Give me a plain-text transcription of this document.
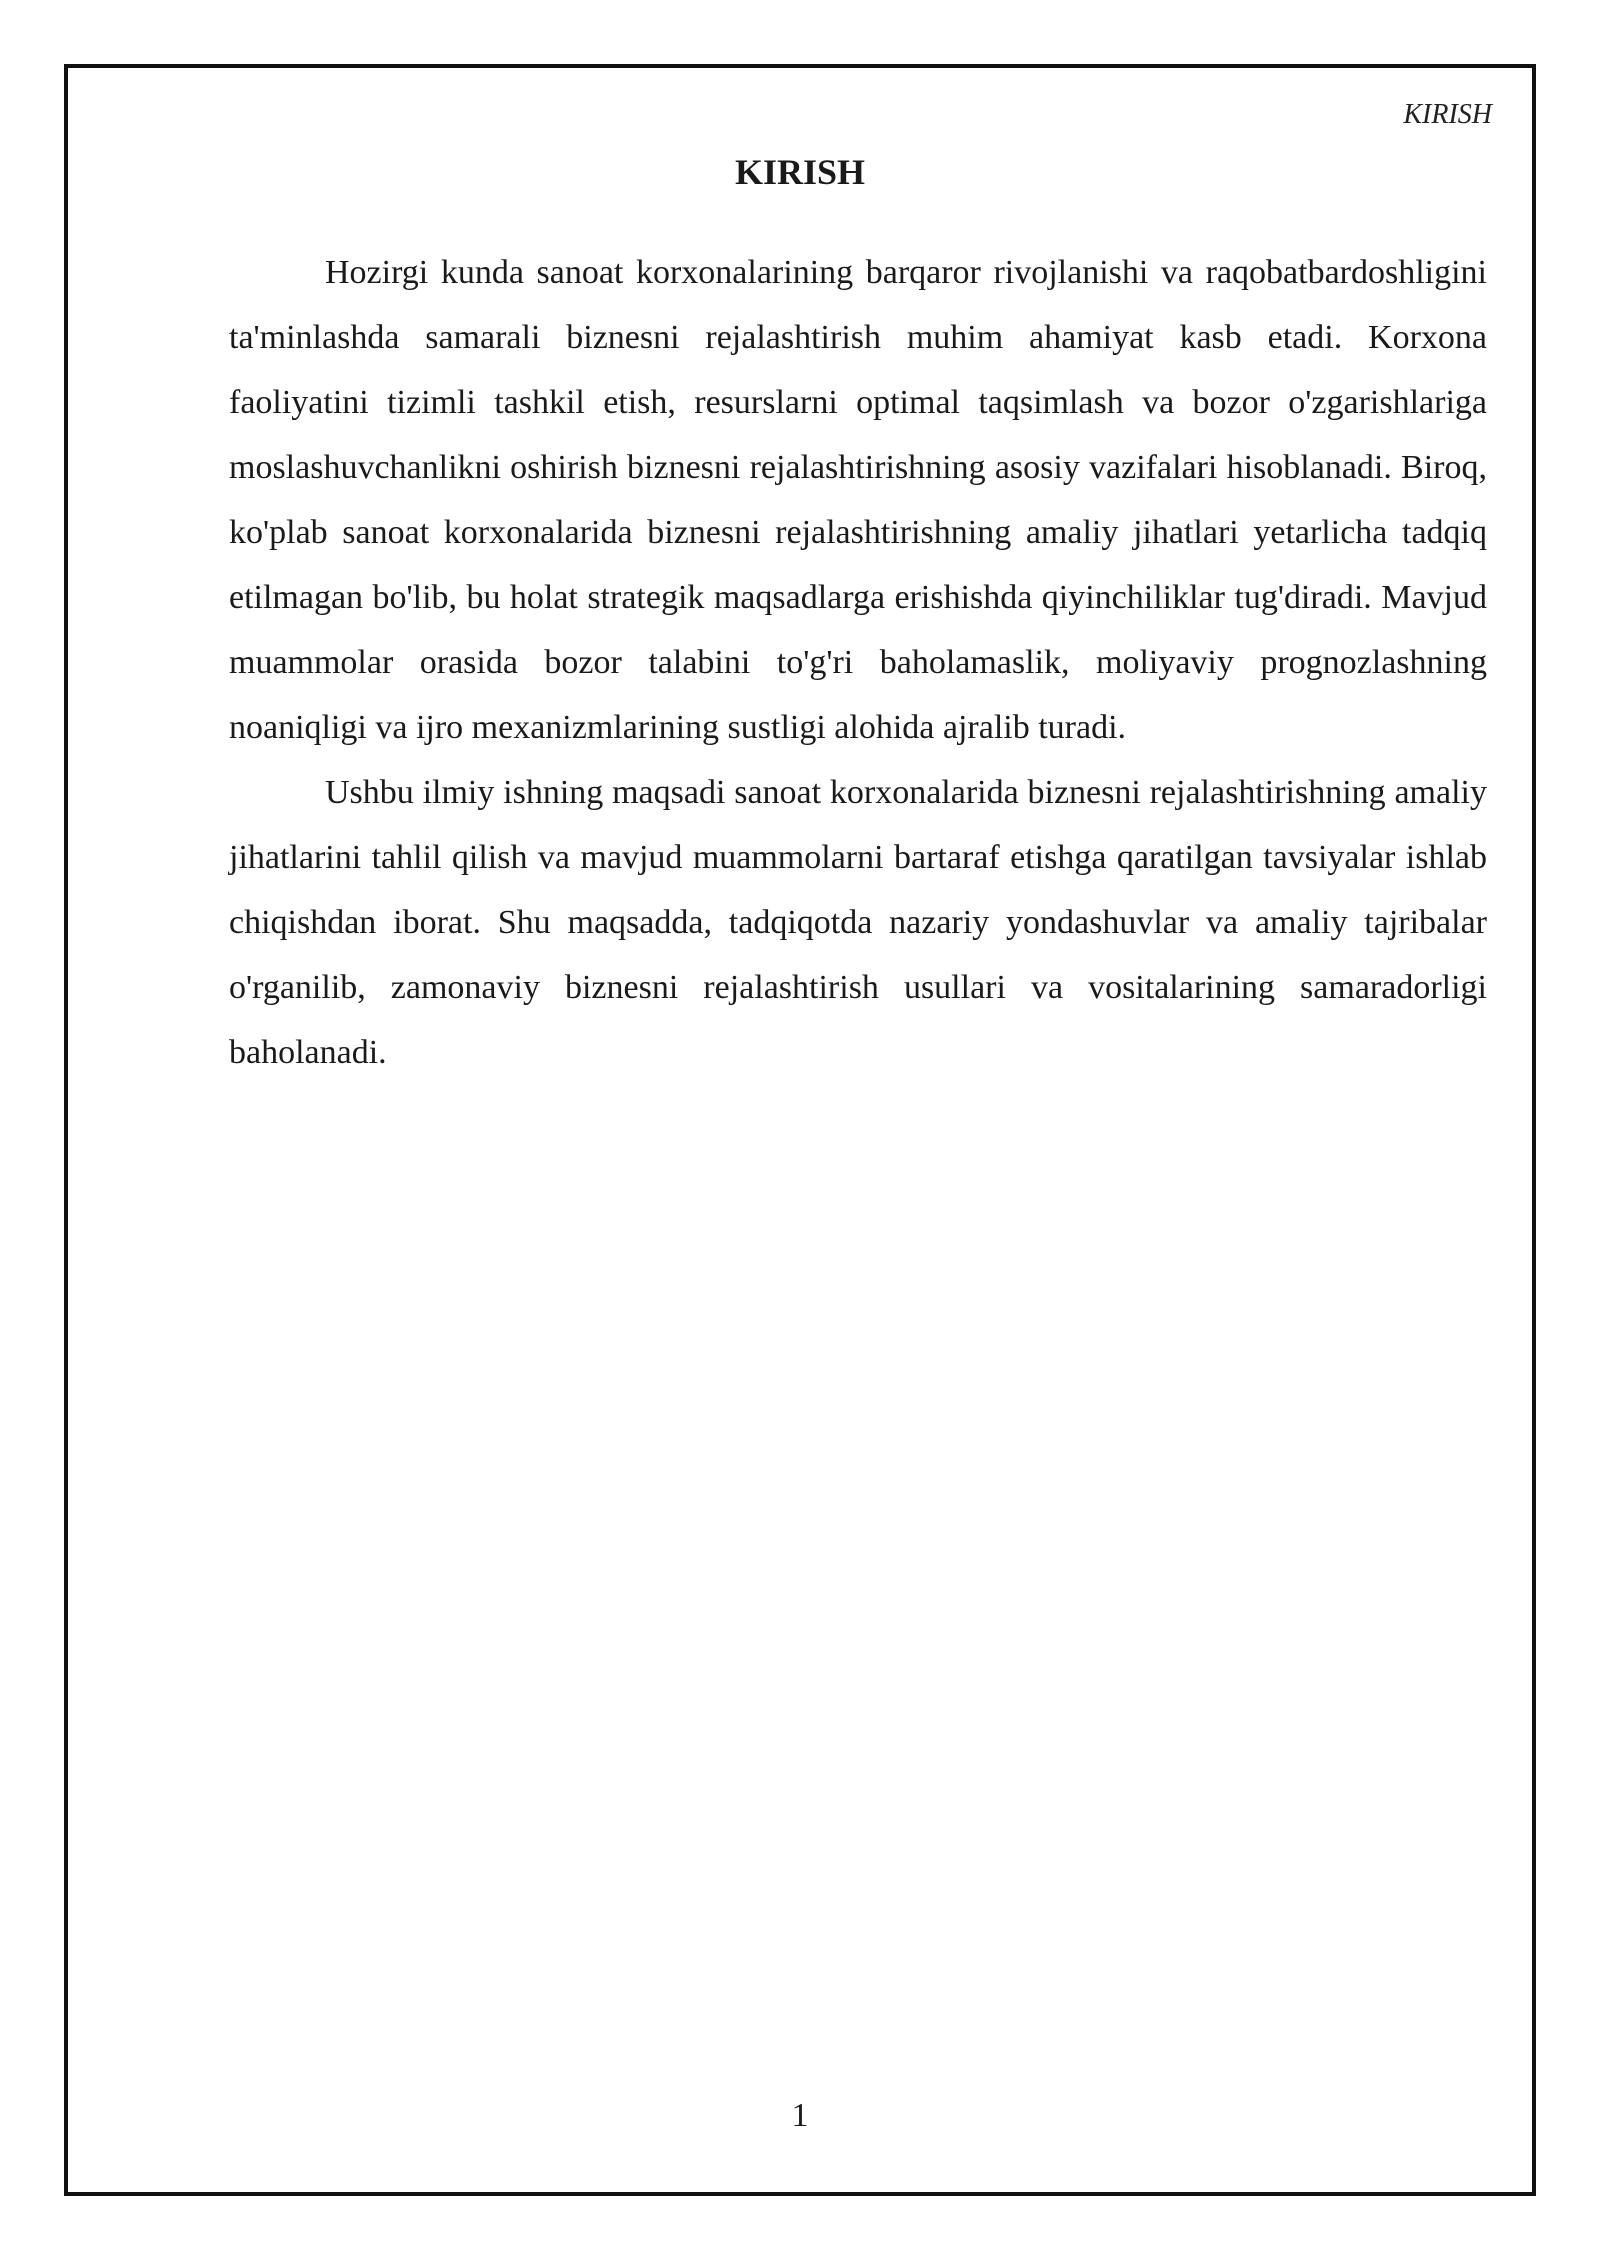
KIRISH
KIRISH

Hozirgi kunda sanoat korxonalarining barqaror rivojlanishi va raqobatbardoshligini ta'minlashda samarali biznesni rejalashtirish muhim ahamiyat kasb etadi. Korxona faoliyatini tizimli tashkil etish, resurslarni optimal taqsimlash va bozor o'zgarishlariga moslashuvchanlikni oshirish biznesni rejalashtirishning asosiy vazifalari hisoblanadi. Biroq, ko'plab sanoat korxonalarida biznesni rejalashtirishning amaliy jihatlari yetarlicha tadqiq etilmagan bo'lib, bu holat strategik maqsadlarga erishishda qiyinchiliklar tug'diradi. Mavjud muammolar orasida bozor talabini to'g'ri baholamaslik, moliyaviy prognozlashning noaniqligi va ijro mexanizmlarining sustligi alohida ajralib turadi.

Ushbu ilmiy ishning maqsadi sanoat korxonalarida biznesni rejalashtirishning amaliy jihatlarini tahlil qilish va mavjud muammolarni bartaraf etishga qaratilgan tavsiyalar ishlab chiqishdan iborat. Shu maqsadda, tadqiqotda nazariy yondashuvlar va amaliy tajribalar o'rganilib, zamonaviy biznesni rejalashtirish usullari va vositalarining samaradorligi baholanadi.

1
